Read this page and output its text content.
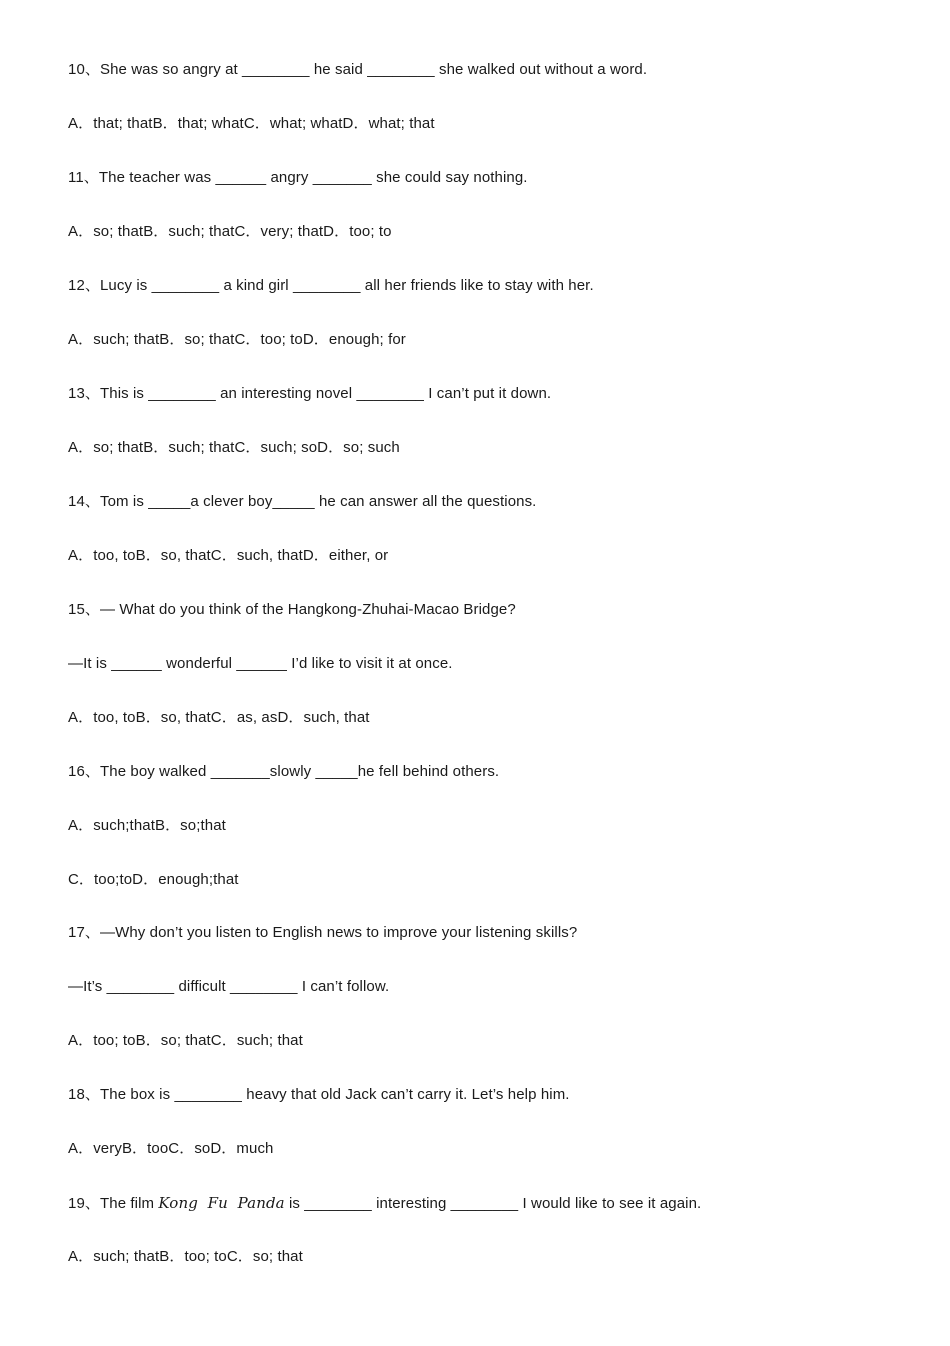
10、She was so angry at ________ he said ________ she walked out without a word.
A．that; thatB．that; whatC．what; whatD．what; that
11、The teacher was ______ angry _______ she could say nothing.
A．so; thatB．such; thatC．very; thatD．too; to
12、Lucy is ________ a kind girl ________ all her friends like to stay with her.
A．such; thatB．so; thatC．too; toD．enough; for
13、This is ________ an interesting novel ________ I can’t put it down.
A．so; thatB．such; thatC．such; soD．so; such
14、Tom is _____a clever boy_____ he can answer all the questions.
A．too, toB．so, thatC．such, thatD．either, or
15、— What do you think of the Hangkong-Zhuhai-Macao Bridge?
—It is ______ wonderful ______ I’d like to visit it at once.
A．too, toB．so, thatC．as, asD．such, that
16、The boy walked _______slowly _____he fell behind others.
A．such;thatB．so;that
C．too;toD．enough;that
17、—Why don’t you listen to English news to improve your listening skills?
—It’s ________ difficult ________ I can’t follow.
A．too; toB．so; thatC．such; that
18、The box is ________ heavy that old Jack can’t carry it. Let’s help him.
A．veryB．tooC．soD．much
19、The film Kong  Fu  Panda is ________ interesting ________ I would like to see it again.
A．such; thatB．too; toC．so; that
